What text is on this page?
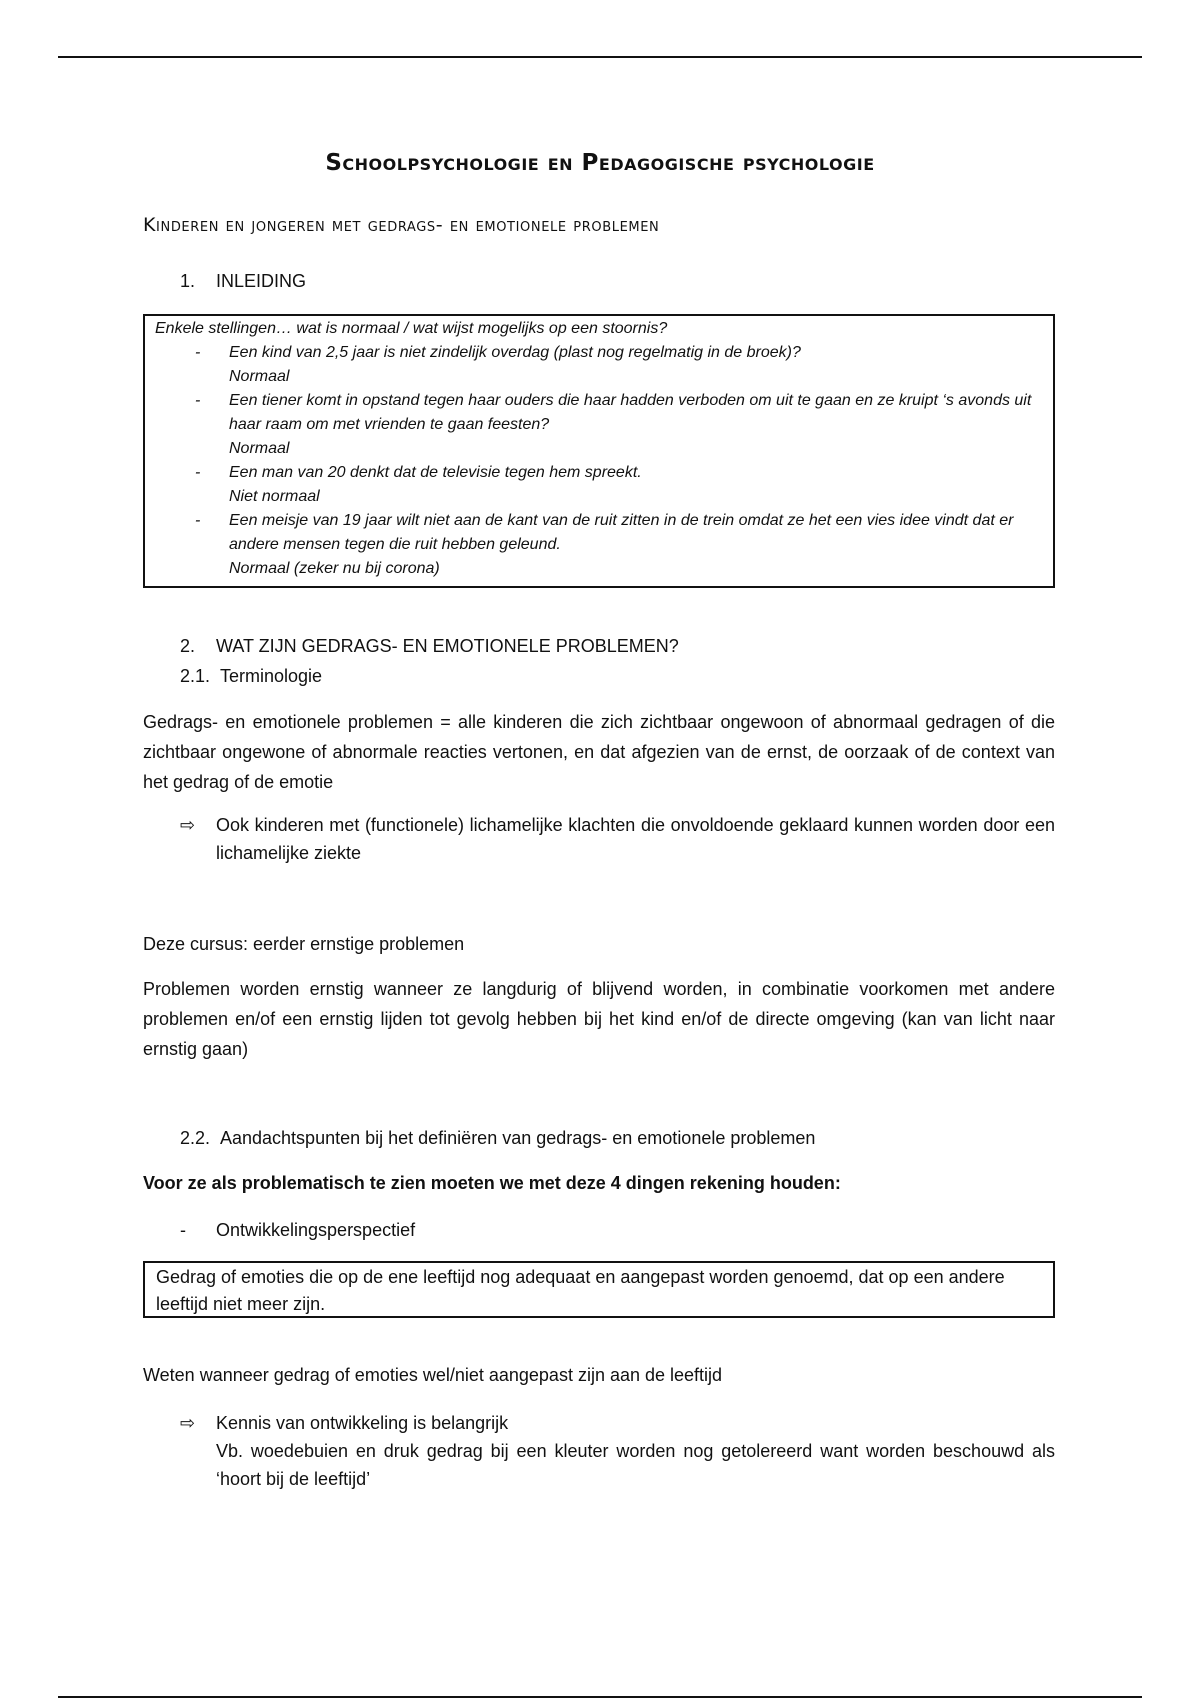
Schoolpsychologie en Pedagogische psychologie
Kinderen en jongeren met gedrags- en emotionele problemen
1. INLEIDING
Enkele stellingen… wat is normaal / wat wijst mogelijks op een stoornis?
- Een kind van 2,5 jaar is niet zindelijk overdag (plast nog regelmatig in de broek)?
Normaal
- Een tiener komt in opstand tegen haar ouders die haar hadden verboden om uit te gaan en ze kruipt ‘s avonds uit haar raam om met vrienden te gaan feesten?
Normaal
- Een man van 20 denkt dat de televisie tegen hem spreekt.
Niet normaal
- Een meisje van 19 jaar wilt niet aan de kant van de ruit zitten in de trein omdat ze het een vies idee vindt dat er andere mensen tegen die ruit hebben geleund.
Normaal (zeker nu bij corona)
2. WAT ZIJN GEDRAGS- EN EMOTIONELE PROBLEMEN?
2.1. Terminologie
Gedrags- en emotionele problemen = alle kinderen die zich zichtbaar ongewoon of abnormaal gedragen of die zichtbaar ongewone of abnormale reacties vertonen, en dat afgezien van de ernst, de oorzaak of de context van het gedrag of de emotie
⇨ Ook kinderen met (functionele) lichamelijke klachten die onvoldoende geklaard kunnen worden door een lichamelijke ziekte
Deze cursus: eerder ernstige problemen
Problemen worden ernstig wanneer ze langdurig of blijvend worden, in combinatie voorkomen met andere problemen en/of een ernstig lijden tot gevolg hebben bij het kind en/of de directe omgeving (kan van licht naar ernstig gaan)
2.2. Aandachtspunten bij het definiëren van gedrags- en emotionele problemen
Voor ze als problematisch te zien moeten we met deze 4 dingen rekening houden:
- Ontwikkelingsperspectief
Gedrag of emoties die op de ene leeftijd nog adequaat en aangepast worden genoemd, dat op een andere leeftijd niet meer zijn.
Weten wanneer gedrag of emoties wel/niet aangepast zijn aan de leeftijd
⇨ Kennis van ontwikkeling is belangrijk
Vb. woedebuien en druk gedrag bij een kleuter worden nog getolereerd want worden beschouwd als ‘hoort bij de leeftijd’
